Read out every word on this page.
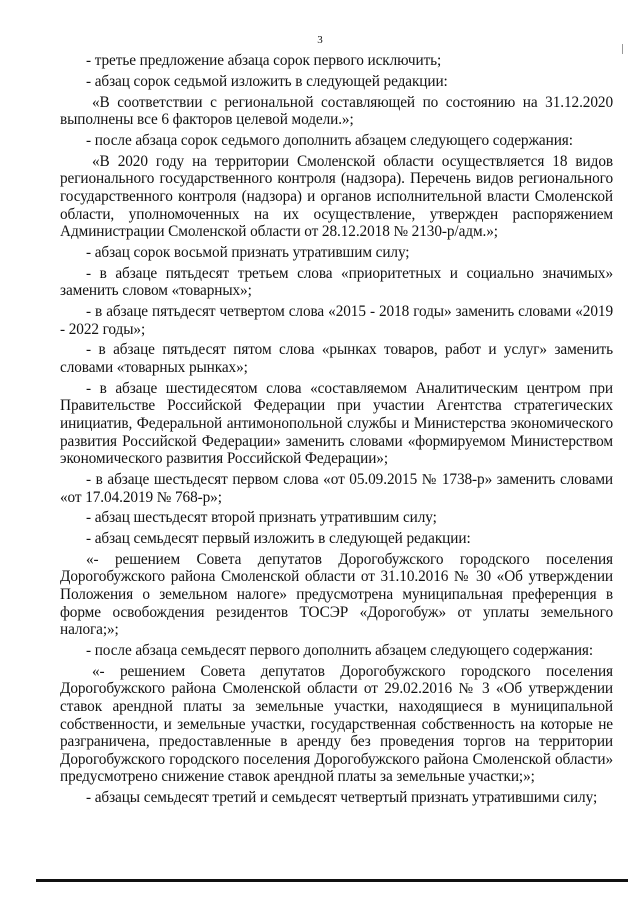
3

- третье предложение абзаца сорок первого исключить;

- абзац сорок седьмой изложить в следующей редакции:

«В соответствии с региональной составляющей по состоянию на 31.12.2020 выполнены все 6 факторов целевой модели.»;

- после абзаца сорок седьмого дополнить абзацем следующего содержания:

«В 2020 году на территории Смоленской области осуществляется 18 видов регионального государственного контроля (надзора). Перечень видов регионального государственного контроля (надзора) и органов исполнительной власти Смоленской области, уполномоченных на их осуществление, утвержден распоряжением Администрации Смоленской области от 28.12.2018 № 2130-р/адм.»;

- абзац сорок восьмой признать утратившим силу;

- в абзаце пятьдесят третьем слова «приоритетных и социально значимых» заменить словом «товарных»;

- в абзаце пятьдесят четвертом слова «2015 - 2018 годы» заменить словами «2019 - 2022 годы»;

- в абзаце пятьдесят пятом слова «рынках товаров, работ и услуг» заменить словами «товарных рынках»;

- в абзаце шестидесятом слова «составляемом Аналитическим центром при Правительстве Российской Федерации при участии Агентства стратегических инициатив, Федеральной антимонопольной службы и Министерства экономического развития Российской Федерации» заменить словами «формируемом Министерством экономического развития Российской Федерации»;

- в абзаце шестьдесят первом слова «от 05.09.2015 № 1738-р» заменить словами «от 17.04.2019 № 768-р»;

- абзац шестьдесят второй признать утратившим силу;

- абзац семьдесят первый изложить в следующей редакции:

«- решением Совета депутатов Дорогобужского городского поселения Дорогобужского района Смоленской области от 31.10.2016 № 30 «Об утверждении Положения о земельном налоге» предусмотрена муниципальная преференция в форме освобождения резидентов ТОСЭР «Дорогобуж» от уплаты земельного налога;»;

- после абзаца семьдесят первого дополнить абзацем следующего содержания:

«- решением Совета депутатов Дорогобужского городского поселения Дорогобужского района Смоленской области от 29.02.2016 № 3 «Об утверждении ставок арендной платы за земельные участки, находящиеся в муниципальной собственности, и земельные участки, государственная собственность на которые не разграничена, предоставленные в аренду без проведения торгов на территории Дорогобужского городского поселения Дорогобужского района Смоленской области» предусмотрено снижение ставок арендной платы за земельные участки;»;

- абзацы семьдесят третий и семьдесят четвертый признать утратившими силу;
